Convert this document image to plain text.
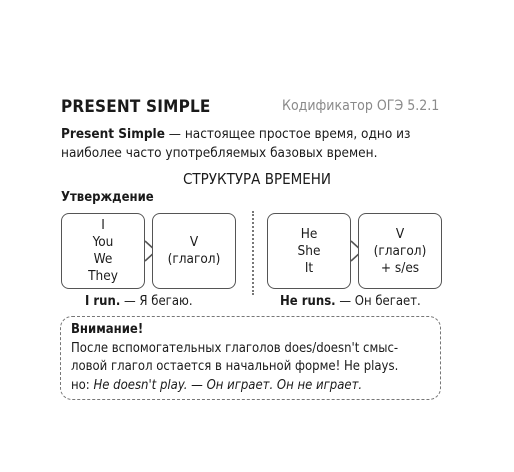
PRESENT SIMPLE	Кодификатор ОГЭ 5.2.1
Present Simple — настоящее простое время, одно из
наиболее часто употребляемых базовых времен.
СТРУКТУРА ВРЕМЕНИ
Утверждение
I
You
We
They
V
(глагол)
I run. — Я бегаю.
He
She
It
V
(глагол)
+ s/es
He runs. — Он бегает.
Внимание!
После вспомогательных глаголов does/doesn't смыс-
ловой глагол остается в начальной форме! He plays.
но: He doesn't play. — Он играет. Он не играет.
